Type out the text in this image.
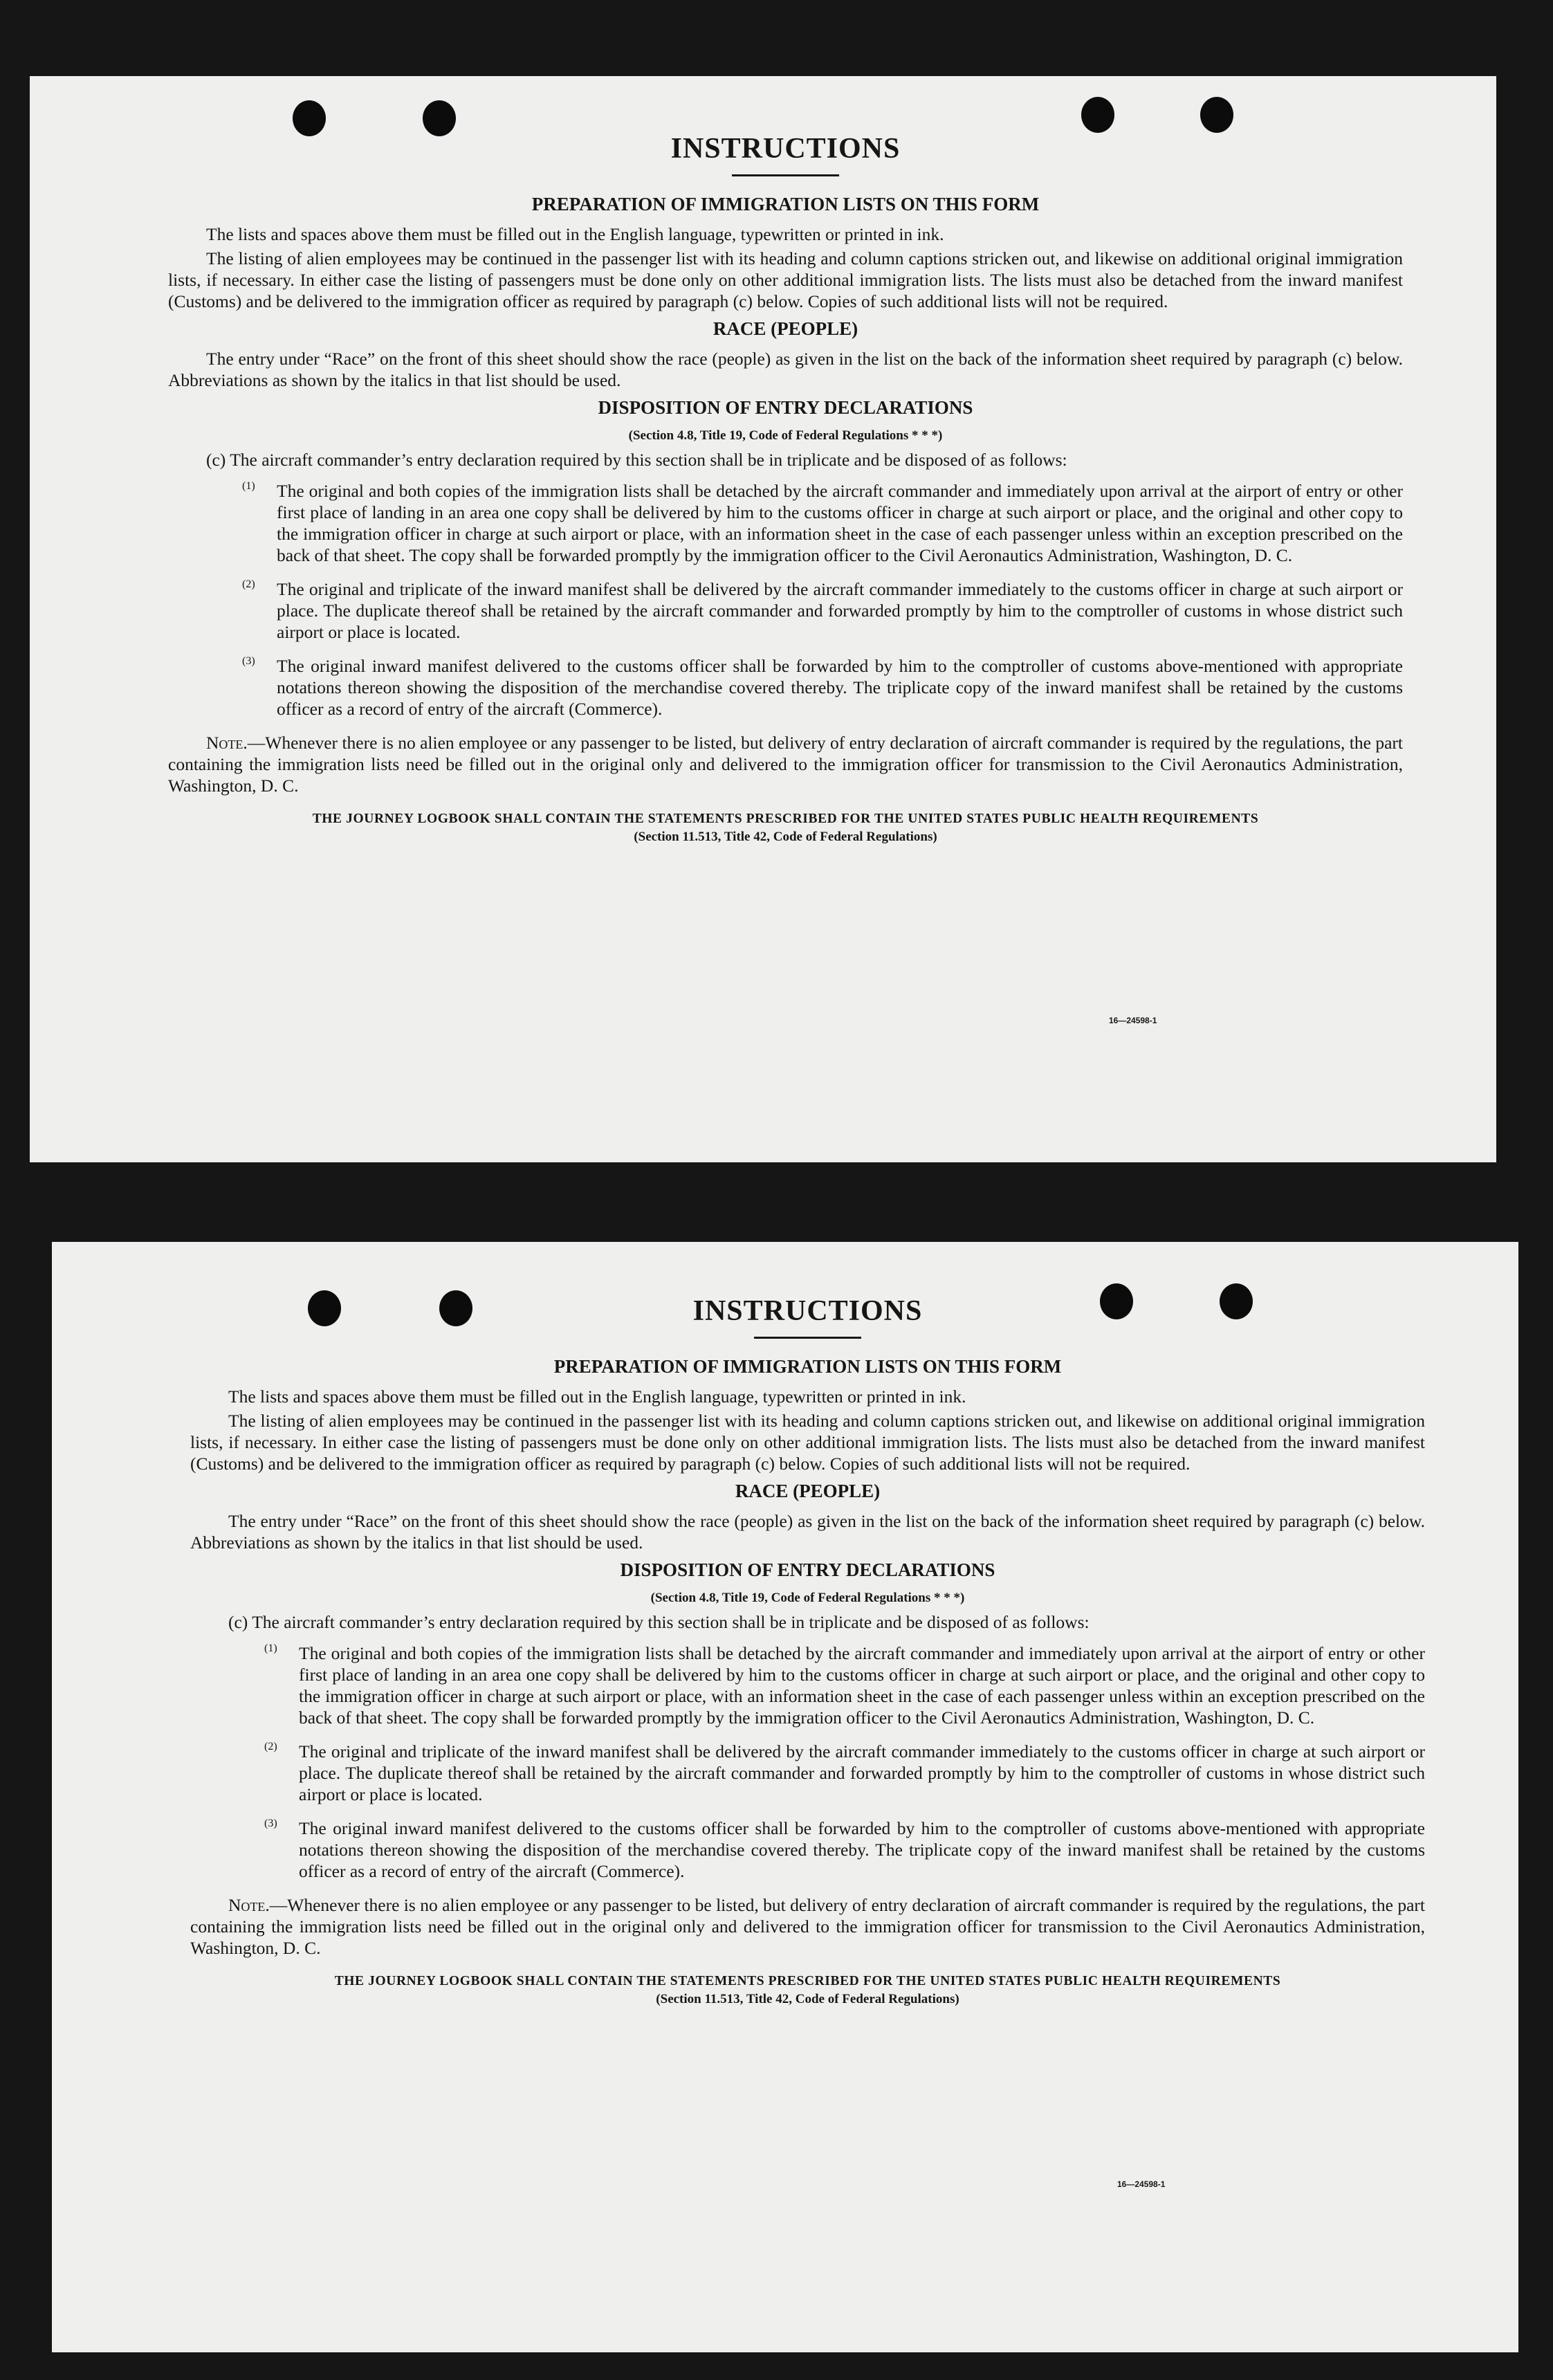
INSTRUCTIONS
PREPARATION OF IMMIGRATION LISTS ON THIS FORM

The lists and spaces above them must be filled out in the English language, typewritten or printed in ink.

The listing of alien employees may be continued in the passenger list with its heading and column captions stricken out, and likewise on additional original immigration lists, if necessary. In either case the listing of passengers must be done only on other additional immigration lists. The lists must also be detached from the inward manifest (Customs) and be delivered to the immigration officer as required by paragraph (c) below. Copies of such additional lists will not be required.

RACE (PEOPLE)

The entry under “Race” on the front of this sheet should show the race (people) as given in the list on the back of the information sheet required by paragraph (c) below. Abbreviations as shown by the italics in that list should be used.

DISPOSITION OF ENTRY DECLARATIONS
(Section 4.8, Title 19, Code of Federal Regulations * * *)

(c) The aircraft commander’s entry declaration required by this section shall be in triplicate and be disposed of as follows:

(1) The original and both copies of the immigration lists shall be detached by the aircraft commander and immediately upon arrival at the airport of entry or other first place of landing in an area one copy shall be delivered by him to the customs officer in charge at such airport or place, and the original and other copy to the immigration officer in charge at such airport or place, with an information sheet in the case of each passenger unless within an exception prescribed on the back of that sheet. The copy shall be forwarded promptly by the immigration officer to the Civil Aeronautics Administration, Washington, D. C.

(2) The original and triplicate of the inward manifest shall be delivered by the aircraft commander immediately to the customs officer in charge at such airport or place. The duplicate thereof shall be retained by the aircraft commander and forwarded promptly by him to the comptroller of customs in whose district such airport or place is located.

(3) The original inward manifest delivered to the customs officer shall be forwarded by him to the comptroller of customs above-mentioned with appropriate notations thereon showing the disposition of the merchandise covered thereby. The triplicate copy of the inward manifest shall be retained by the customs officer as a record of entry of the aircraft (Commerce).

Note.—Whenever there is no alien employee or any passenger to be listed, but delivery of entry declaration of aircraft commander is required by the regulations, the part containing the immigration lists need be filled out in the original only and delivered to the immigration officer for transmission to the Civil Aeronautics Administration, Washington, D. C.

THE JOURNEY LOGBOOK SHALL CONTAIN THE STATEMENTS PRESCRIBED FOR THE UNITED STATES PUBLIC HEALTH REQUIREMENTS
(Section 11.513, Title 42, Code of Federal Regulations)
16—24598-1
INSTRUCTIONS
PREPARATION OF IMMIGRATION LISTS ON THIS FORM

The lists and spaces above them must be filled out in the English language, typewritten or printed in ink.

The listing of alien employees may be continued in the passenger list with its heading and column captions stricken out, and likewise on additional original immigration lists, if necessary. In either case the listing of passengers must be done only on other additional immigration lists. The lists must also be detached from the inward manifest (Customs) and be delivered to the immigration officer as required by paragraph (c) below. Copies of such additional lists will not be required.

RACE (PEOPLE)

The entry under “Race” on the front of this sheet should show the race (people) as given in the list on the back of the information sheet required by paragraph (c) below. Abbreviations as shown by the italics in that list should be used.

DISPOSITION OF ENTRY DECLARATIONS
(Section 4.8, Title 19, Code of Federal Regulations * * *)

(c) The aircraft commander’s entry declaration required by this section shall be in triplicate and be disposed of as follows:

(1) The original and both copies of the immigration lists shall be detached by the aircraft commander and immediately upon arrival at the airport of entry or other first place of landing in an area one copy shall be delivered by him to the customs officer in charge at such airport or place, and the original and other copy to the immigration officer in charge at such airport or place, with an information sheet in the case of each passenger unless within an exception prescribed on the back of that sheet. The copy shall be forwarded promptly by the immigration officer to the Civil Aeronautics Administration, Washington, D. C.

(2) The original and triplicate of the inward manifest shall be delivered by the aircraft commander immediately to the customs officer in charge at such airport or place. The duplicate thereof shall be retained by the aircraft commander and forwarded promptly by him to the comptroller of customs in whose district such airport or place is located.

(3) The original inward manifest delivered to the customs officer shall be forwarded by him to the comptroller of customs above-mentioned with appropriate notations thereon showing the disposition of the merchandise covered thereby. The triplicate copy of the inward manifest shall be retained by the customs officer as a record of entry of the aircraft (Commerce).

Note.—Whenever there is no alien employee or any passenger to be listed, but delivery of entry declaration of aircraft commander is required by the regulations, the part containing the immigration lists need be filled out in the original only and delivered to the immigration officer for transmission to the Civil Aeronautics Administration, Washington, D. C.

THE JOURNEY LOGBOOK SHALL CONTAIN THE STATEMENTS PRESCRIBED FOR THE UNITED STATES PUBLIC HEALTH REQUIREMENTS
(Section 11.513, Title 42, Code of Federal Regulations)
16—24598-1
